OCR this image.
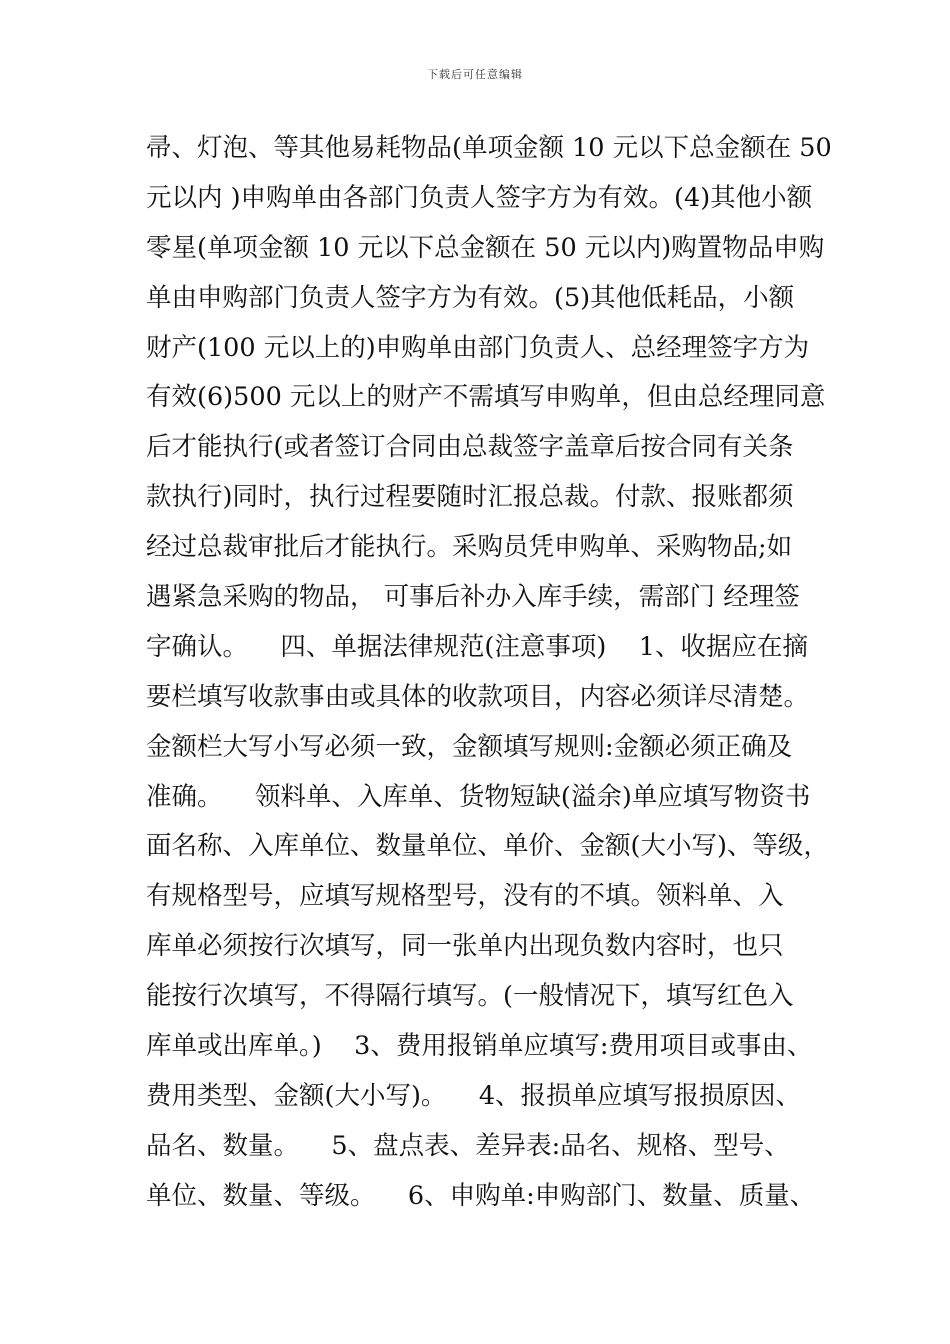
下载后可任意编辑
帚、灯泡、等其他易耗物品(单项金额 10 元以下总金额在 50
元以内 )申购单由各部门负责人签字方为有效。(4)其他小额
零星(单项金额 10 元以下总金额在 50 元以内)购置物品申购
单由申购部门负责人签字方为有效。(5)其他低耗品，小额
财产(100 元以上的)申购单由部门负责人、总经理签字方为
有效(6)500 元以上的财产不需填写申购单，但由总经理同意
后才能执行(或者签订合同由总裁签字盖章后按合同有关条
款执行)同时，执行过程要随时汇报总裁。付款、报账都须
经过总裁审批后才能执行。采购员凭申购单、采购物品;如
遇紧急采购的物品， 可事后补办入库手续，需部门 经理签
字确认。    四、单据法律规范(注意事项)    1、收据应在摘
要栏填写收款事由或具体的收款项目，内容必须详尽清楚。
金额栏大写小写必须一致，金额填写规则:金额必须正确及
准确。    领料单、入库单、货物短缺(溢余)单应填写物资书
面名称、入库单位、数量单位、单价、金额(大小写)、等级，
有规格型号，应填写规格型号，没有的不填。领料单、入
库单必须按行次填写，同一张单内出现负数内容时，也只
能按行次填写，不得隔行填写。(一般情况下，填写红色入
库单或出库单。)    3、费用报销单应填写:费用项目或事由、
费用类型、金额(大小写)。    4、报损单应填写报损原因、
品名、数量。    5、盘点表、差异表:品名、规格、型号、
单位、数量、等级。    6、申购单:申购部门、数量、质量、
